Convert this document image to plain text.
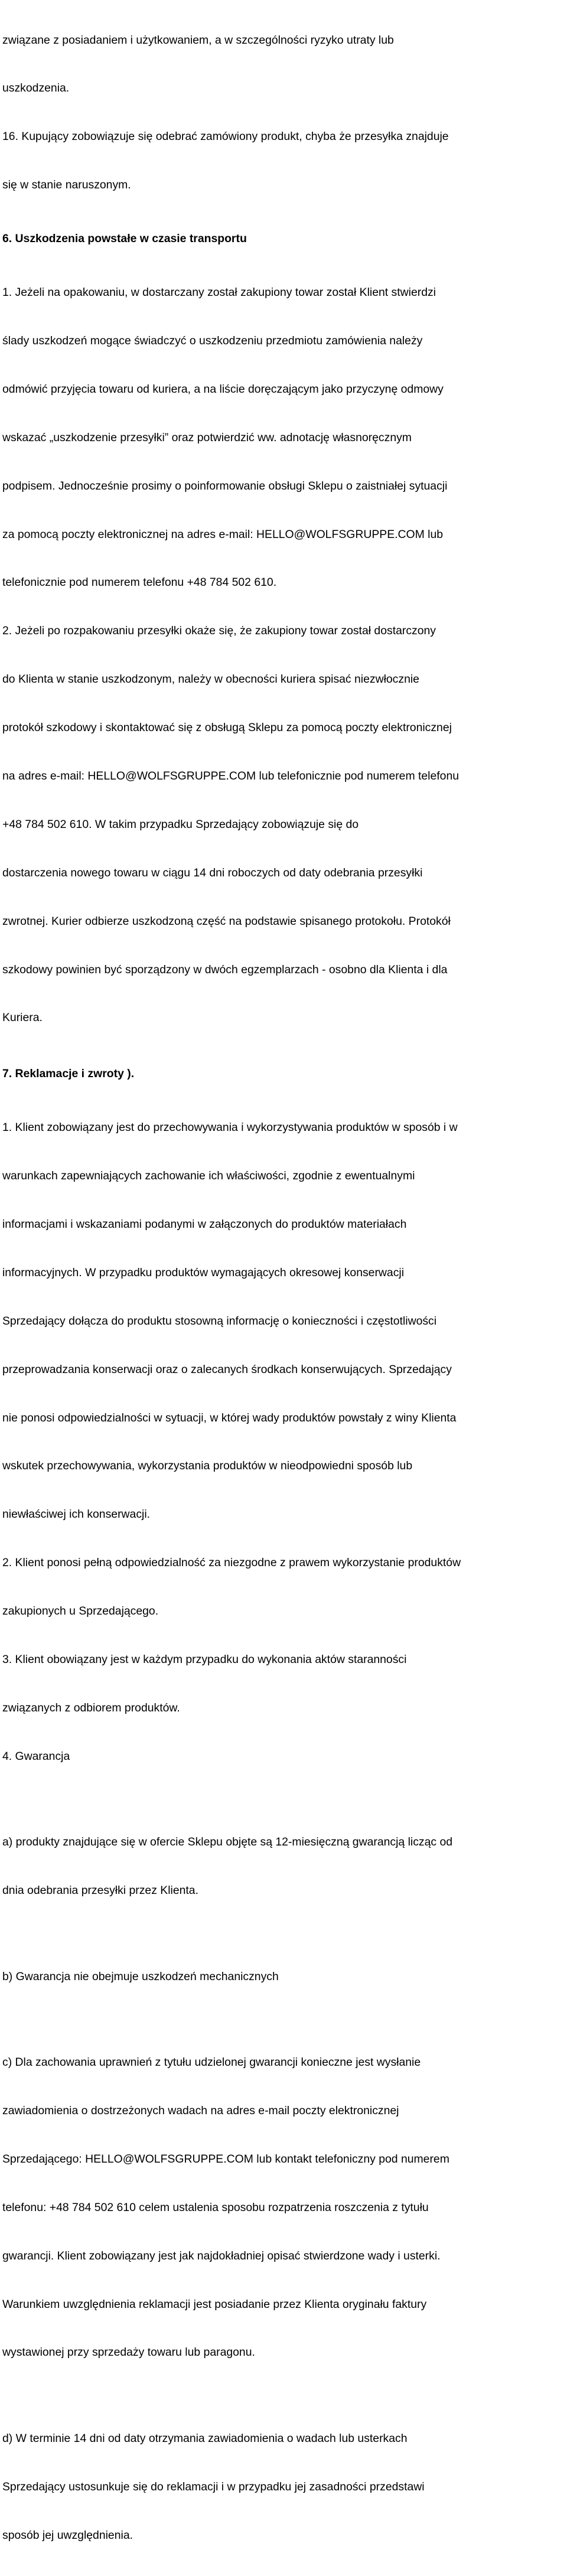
związane z posiadaniem i użytkowaniem, a w szczególności ryzyko utraty lub

uszkodzenia.

16. Kupujący zobowiązuje się odebrać zamówiony produkt, chyba że przesyłka znajduje

się w stanie naruszonym.

6. Uszkodzenia powstałe w czasie transportu

1. Jeżeli na opakowaniu, w dostarczany został zakupiony towar został Klient stwierdzi

ślady uszkodzeń mogące świadczyć o uszkodzeniu przedmiotu zamówienia należy

odmówić przyjęcia towaru od kuriera, a na liście doręczającym jako przyczynę odmowy

wskazać „uszkodzenie przesyłki” oraz potwierdzić ww. adnotację własnoręcznym

podpisem. Jednocześnie prosimy o poinformowanie obsługi Sklepu o zaistniałej sytuacji

za pomocą poczty elektronicznej na adres e-mail: HELLO@WOLFSGRUPPE.COM lub

telefonicznie pod numerem telefonu +48 784 502 610.

2. Jeżeli po rozpakowaniu przesyłki okaże się, że zakupiony towar został dostarczony

do Klienta w stanie uszkodzonym, należy w obecności kuriera spisać niezwłocznie

protokół szkodowy i skontaktować się z obsługą Sklepu za pomocą poczty elektronicznej

na adres e-mail: HELLO@WOLFSGRUPPE.COM lub telefonicznie pod numerem telefonu

+48 784 502 610. W takim przypadku Sprzedający zobowiązuje się do

dostarczenia nowego towaru w ciągu 14 dni roboczych od daty odebrania przesyłki

zwrotnej. Kurier odbierze uszkodzoną część na podstawie spisanego protokołu. Protokół

szkodowy powinien być sporządzony w dwóch egzemplarzach - osobno dla Klienta i dla

Kuriera.

7. Reklamacje i zwroty ).

1. Klient zobowiązany jest do przechowywania i wykorzystywania produktów w sposób i w

warunkach zapewniających zachowanie ich właściwości, zgodnie z ewentualnymi

informacjami i wskazaniami podanymi w załączonych do produktów materiałach

informacyjnych. W przypadku produktów wymagających okresowej konserwacji

Sprzedający dołącza do produktu stosowną informację o konieczności i częstotliwości

przeprowadzania konserwacji oraz o zalecanych środkach konserwujących. Sprzedający

nie ponosi odpowiedzialności w sytuacji, w której wady produktów powstały z winy Klienta

wskutek przechowywania, wykorzystania produktów w nieodpowiedni sposób lub

niewłaściwej ich konserwacji.

2. Klient ponosi pełną odpowiedzialność za niezgodne z prawem wykorzystanie produktów

zakupionych u Sprzedającego.

3. Klient obowiązany jest w każdym przypadku do wykonania aktów staranności

związanych z odbiorem produktów.

4. Gwarancja

a) produkty znajdujące się w ofercie Sklepu objęte są 12-miesięczną gwarancją licząc od

dnia odebrania przesyłki przez Klienta.

b) Gwarancja nie obejmuje uszkodzeń mechanicznych

c) Dla zachowania uprawnień z tytułu udzielonej gwarancji konieczne jest wysłanie

zawiadomienia o dostrzeżonych wadach na adres e-mail poczty elektronicznej

Sprzedającego: HELLO@WOLFSGRUPPE.COM lub kontakt telefoniczny pod numerem

telefonu: +48 784 502 610 celem ustalenia sposobu rozpatrzenia roszczenia z tytułu

gwarancji. Klient zobowiązany jest jak najdokładniej opisać stwierdzone wady i usterki.

Warunkiem uwzględnienia reklamacji jest posiadanie przez Klienta oryginału faktury

wystawionej przy sprzedaży towaru lub paragonu.

d) W terminie 14 dni od daty otrzymania zawiadomienia o wadach lub usterkach

Sprzedający ustosunkuje się do reklamacji i w przypadku jej zasadności przedstawi

sposób jej uwzględnienia.
